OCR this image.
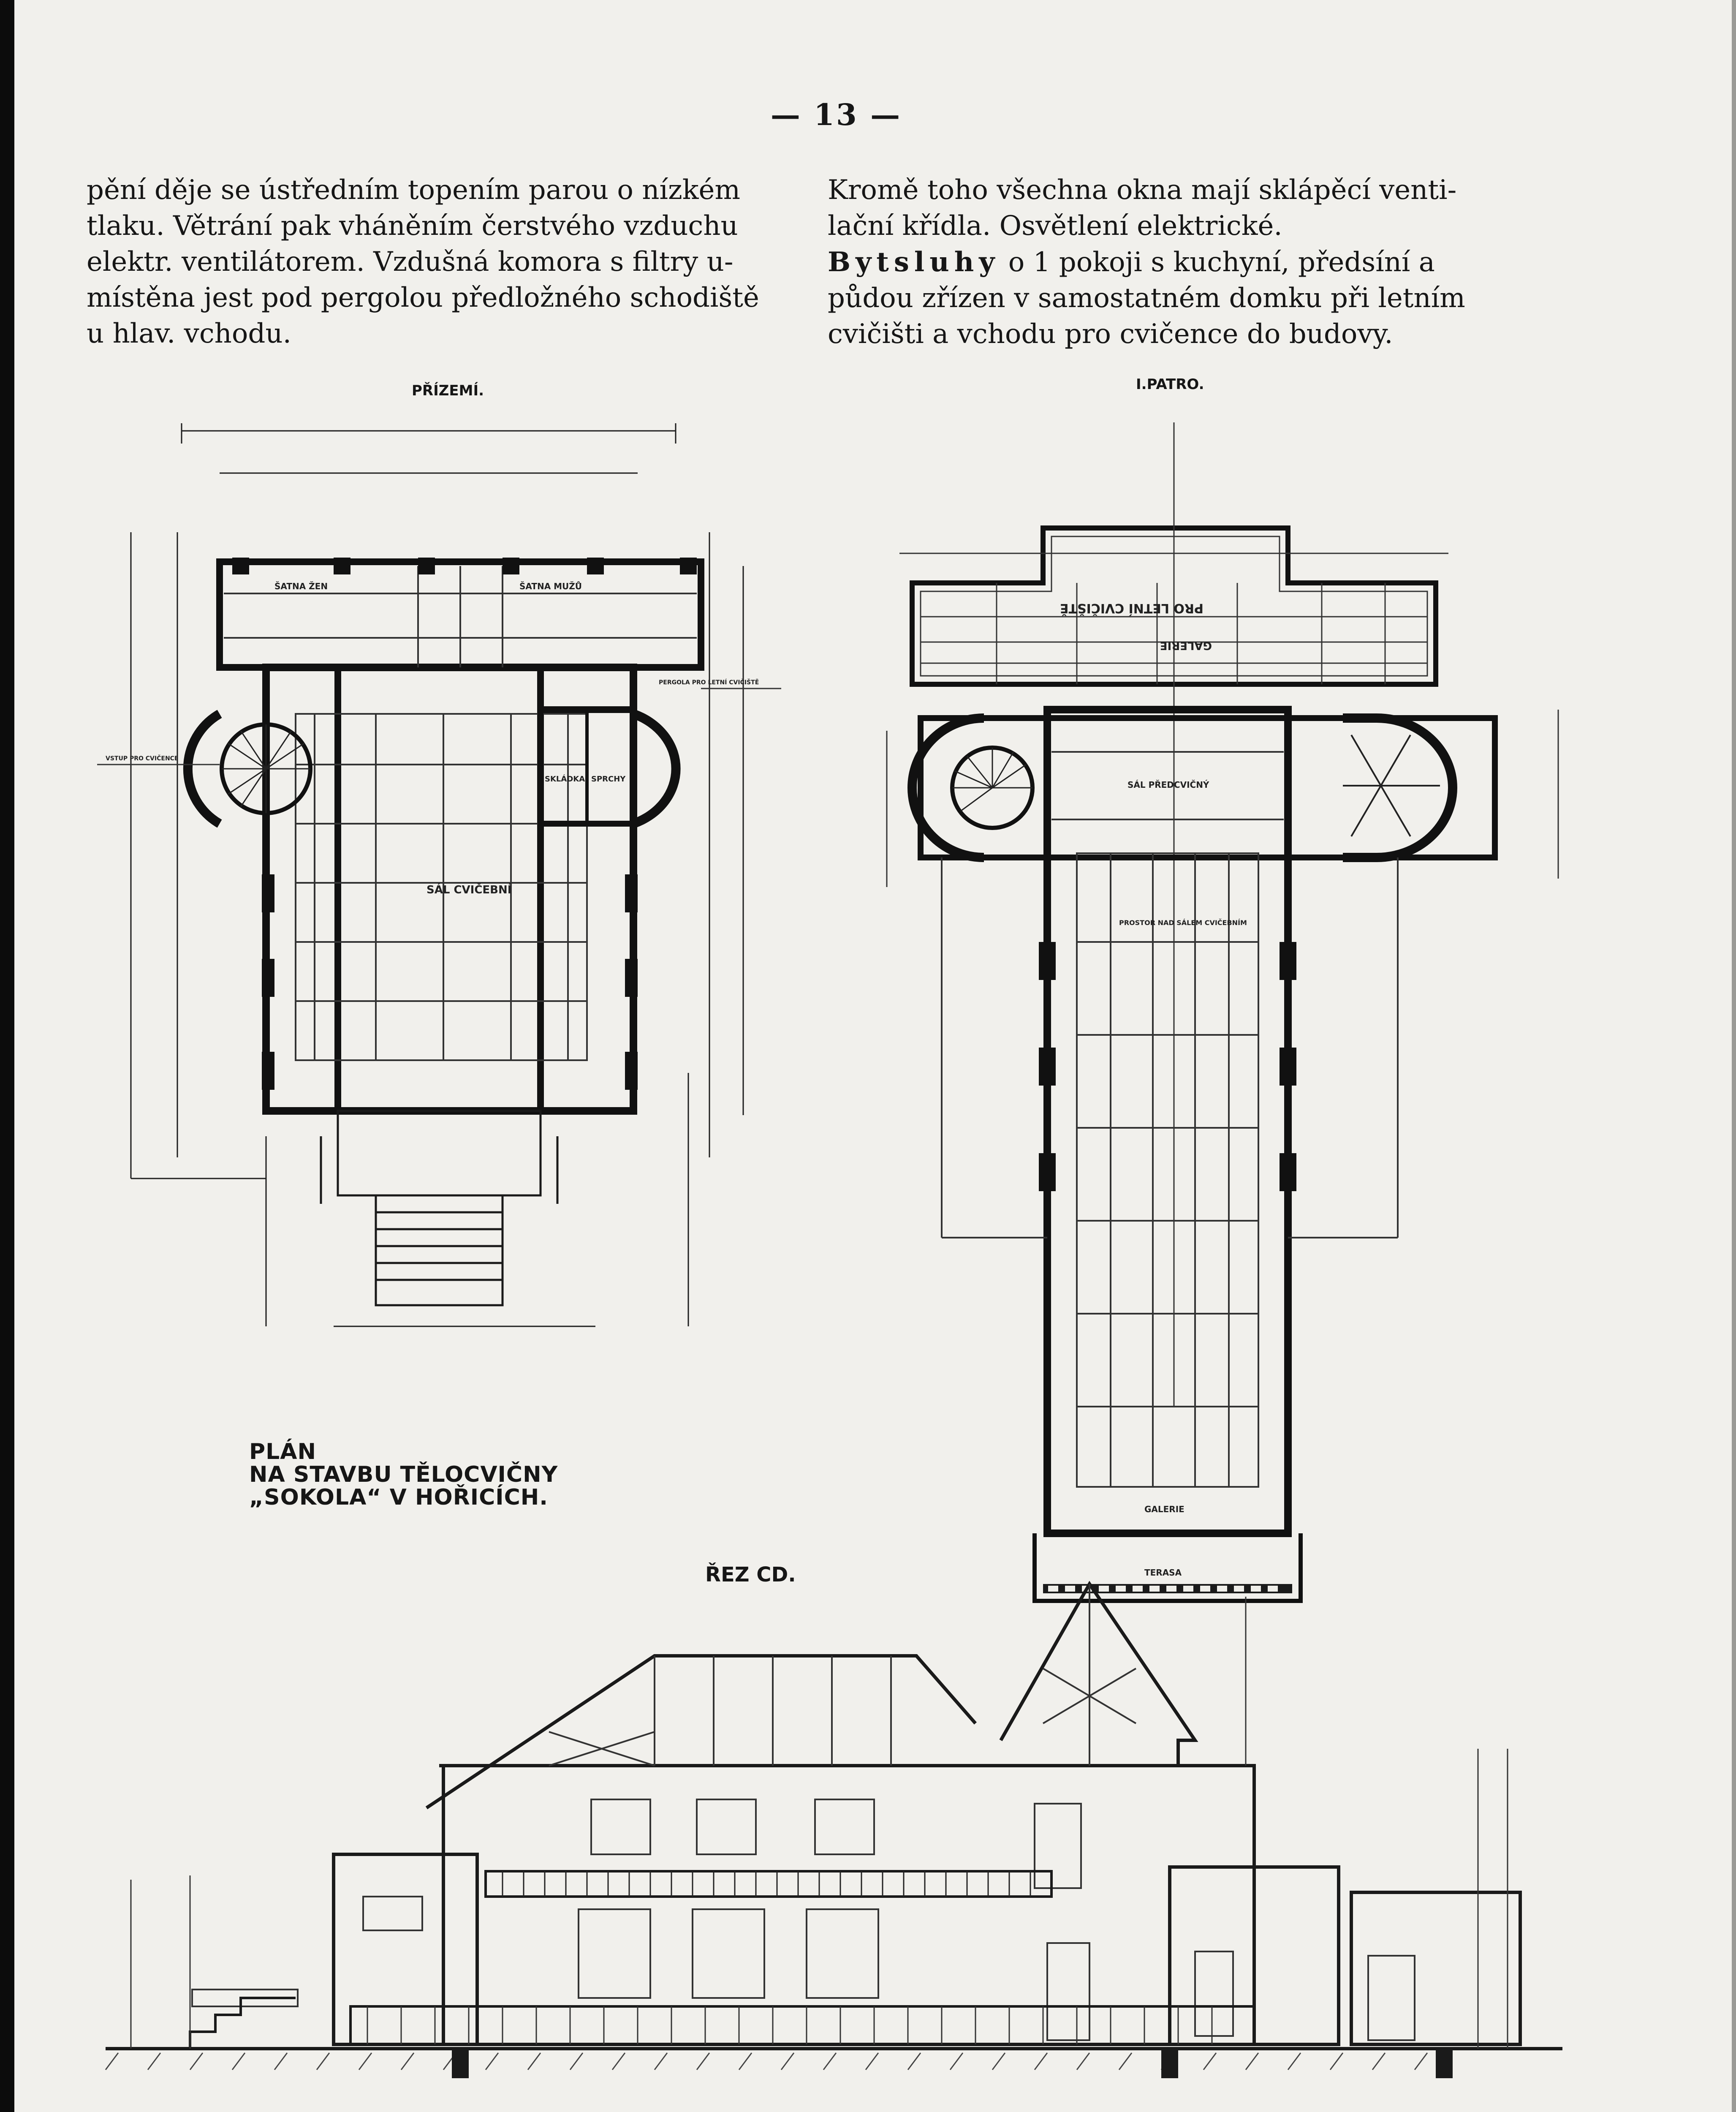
— 13 —

pění děje se ústředním topením parou o nízkém

tlaku. Větrání pak vháněním čerstvého vzduchu

elektr. ventilátorem. Vzdušná komora s filtry u-

místěna jest pod pergolou předložného schodiště

u hlav. vchodu.

Kromě toho všechna okna mají sklápěcí venti-

lační křídla. Osvětlení elektrické.

Bytsluhy o 1 pokoji s kuchyní, předsíní a

půdou zřízen v samostatném domku při letním

cvičišti a vchodu pro cvičence do budovy.

PŘÍZEMÍ.	I.PATRO.
SÁL CVIČEBNÍ
ŠATNA ŽEN	ŠATNA MUŽŮ
SKLÁDKA SPRCHY
PERGOLA PRO LETNÍ CVIČIŠTĚ
VSTUP PRO CVIČENCE
PRO LETNÍ CVIČIŠTĚ
GALERIE
SÁL PŘEDCVIČNÝ
PROSTOR NAD SÁLEM CVIČEBNÍM
GALERIE
TERASA
PLÁN
NA STAVBU TĚLOCVIČNY
„SOKOLA“ V HOŘICÍCH.
ŘEZ CD.
